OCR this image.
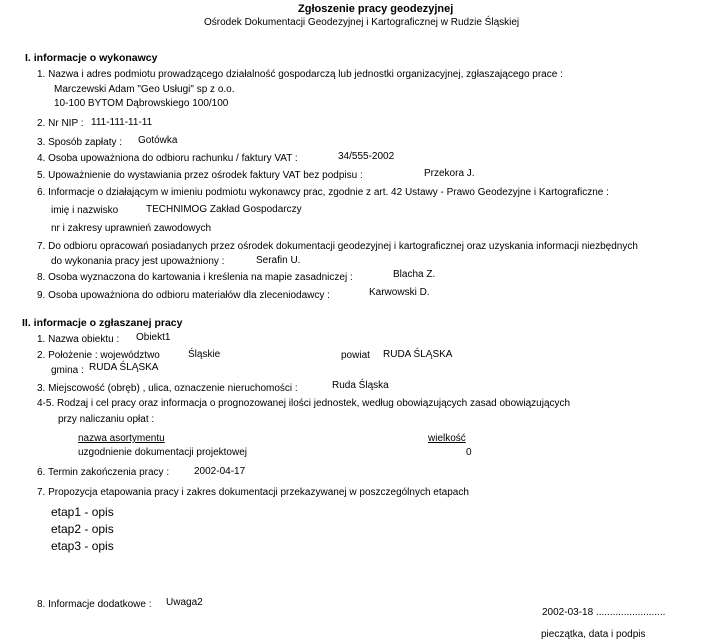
Zgłoszenie pracy geodezyjnej
Ośrodek Dokumentacji Geodezyjnej i Kartograficznej w Rudzie Śląskiej
I. informacje o wykonawcy
1. Nazwa i adres podmiotu prowadzącego działalność gospodarczą lub jednostki organizacyjnej, zgłaszającego prace :
Marczewski Adam "Geo Usługi" sp z o.o.
10-100 BYTOM Dąbrowskiego 100/100
2. Nr NIP : 111-111-11-11
3. Sposób zapłaty : Gotówka
4. Osoba upoważniona do odbioru rachunku / faktury VAT :	34/555-2002
5. Upoważnienie do wystawiania przez ośrodek faktury VAT bez podpisu :	Przekora J.
6. Informacje o działającym w imieniu podmiotu wykonawcy prac, zgodnie z art. 42 Ustawy - Prawo Geodezyjne i Kartograficzne :
imię i nazwisko	TECHNIMOG Zakład Gospodarczy
nr i zakresy uprawnień zawodowych
7. Do odbioru opracowań posiadanych przez ośrodek dokumentacji geodezyjnej i kartograficznej oraz uzyskania informacji niezbędnych
do wykonania pracy jest upoważniony :	Serafin U.
8. Osoba wyznaczona do kartowania i kreślenia na mapie zasadniczej :	Blacha Z.
9. Osoba upoważniona do odbioru materiałów dla zleceniodawcy :	Karwowski D.
II. informacje o zgłaszanej pracy
1. Nazwa obiektu : Obiekt1
2. Położenie : województwo	Śląskie	powiat RUDA ŚLĄSKA
gmina : RUDA ŚLĄSKA
3. Miejscowość (obręb) , ulica, oznaczenie nieruchomości :	Ruda Śląska
4-5. Rodzaj i cel pracy oraz informacja o prognozowanej ilości jednostek, według obowiązujących zasad obowiązujących
przy naliczaniu opłat :
nazwa asortymentu	wielkość
uzgodnienie dokumentacji projektowej	0
6. Termin zakończenia pracy : 2002-04-17
7. Propozycja etapowania pracy i zakres dokumentacji przekazywanej w poszczególnych etapach
etap1 - opis
etap2 - opis
etap3 - opis
8. Informacje dodatkowe : Uwaga2
2002-03-18 .........................
pieczątka, data i podpis
